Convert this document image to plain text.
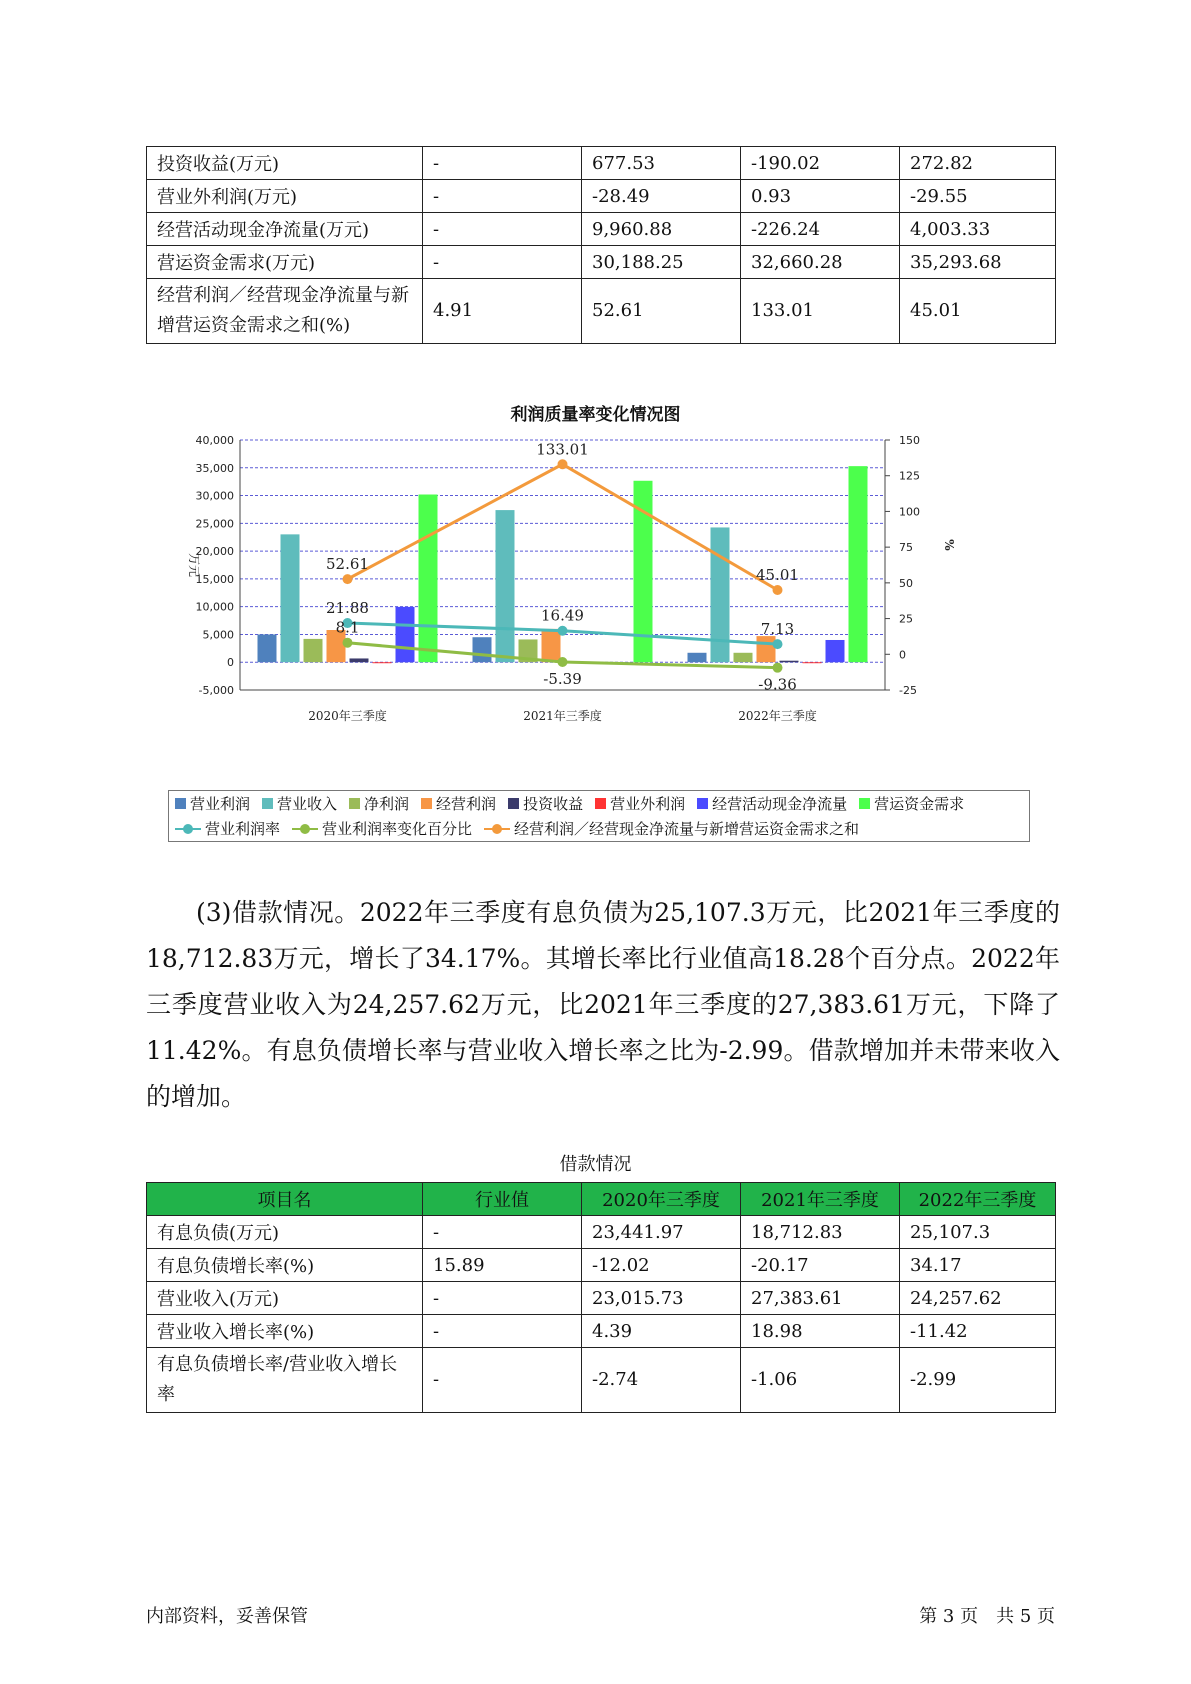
投资收益(万元)	-	677.53	-190.02	272.82
营业外利润(万元)	-	-28.49	0.93	-29.55
经营活动现金净流量(万元)	-	9,960.88	-226.24	4,003.33
营运资金需求(万元)	-	30,188.25	32,660.28	35,293.68
经营利润／经营现金净流量与新增营运资金需求之和(%)	4.91	52.61	133.01	45.01
利润质量率变化情况图
40,000
35,000
30,000
25,000
20,000
15,000
10,000
5,000
0
-5,000
150
125
100
75
50
25
0
-25
万元
%
2020年三季度	2021年三季度	2022年三季度
21.88	16.49
7.13
8.1
-5.39	-9.36
52.61
133.01
45.01
营业利润 营业收入 净利润 经营利润 投资收益 营业外利润 经营活动现金净流量 营运资金需求
营业利润率	营业利润率变化百分比	经营利润／经营现金净流量与新增营运资金需求之和

(3)借款情况。2022年三季度有息负债为25,107.3万元，比2021年三季度的18,712.83万元，增长了34.17%。其增长率比行业值高18.28个百分点。2022年三季度营业收入为24,257.62万元，比2021年三季度的27,383.61万元，下降了11.42%。有息负债增长率与营业收入增长率之比为-2.99。借款增加并未带来收入的增加。

借款情况
项目名	行业值	2020年三季度	2021年三季度	2022年三季度
有息负债(万元)	-	23,441.97	18,712.83	25,107.3
有息负债增长率(%)	15.89	-12.02	-20.17	34.17
营业收入(万元)	-	23,015.73	27,383.61	24,257.62
营业收入增长率(%)	-	4.39	18.98	-11.42
有息负债增长率/营业收入增长率	-	-2.74	-1.06	-2.99
内部资料，妥善保管	第 3 页　共 5 页
